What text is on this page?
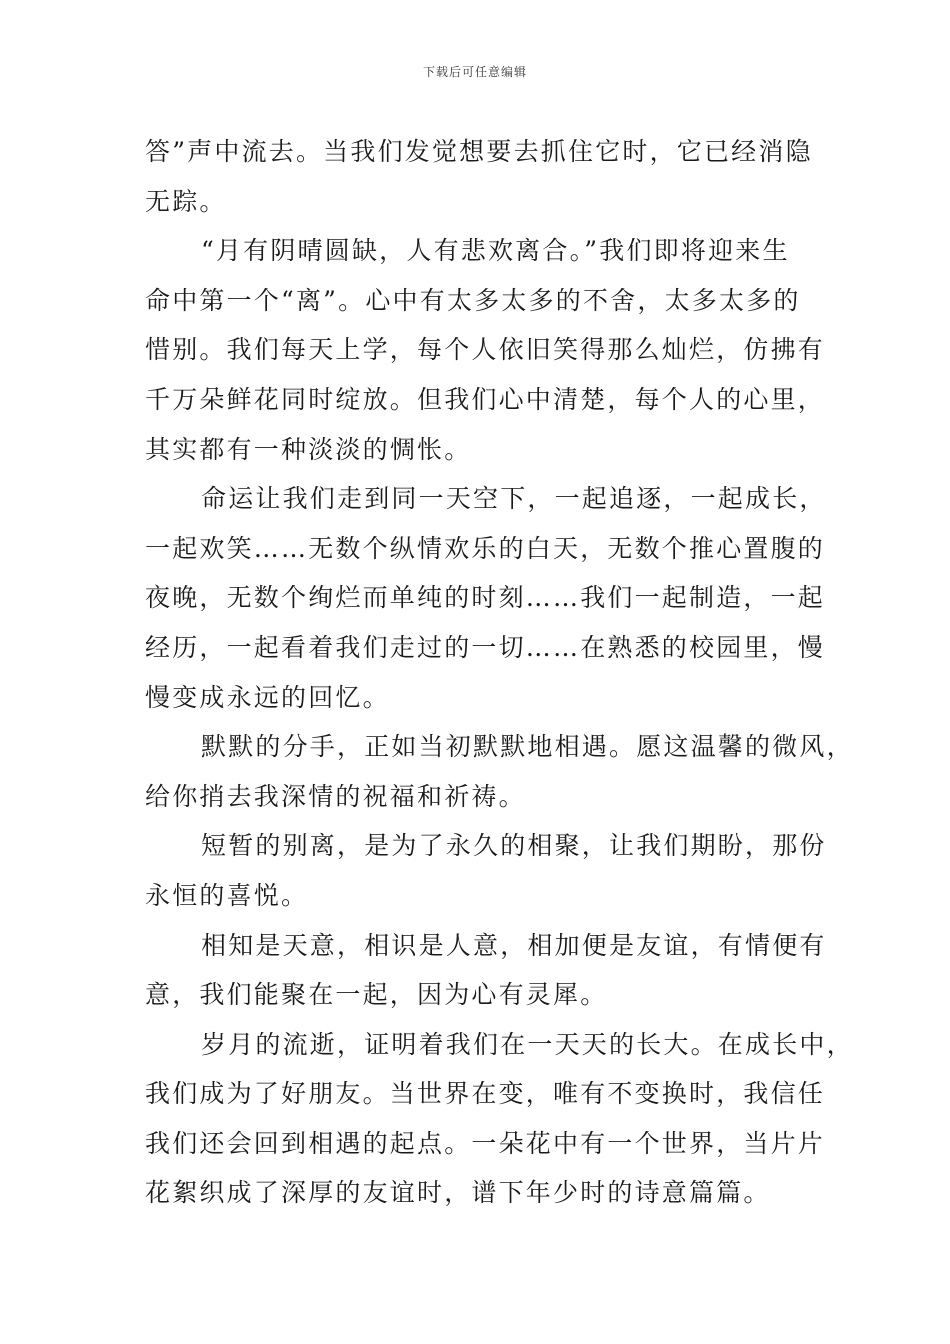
下载后可任意编辑

答”声中流去。当我们发觉想要去抓住它时，它已经消隐
无踪。

“月有阴晴圆缺，人有悲欢离合。”我们即将迎来生
命中第一个“离”。心中有太多太多的不舍，太多太多的
惜别。我们每天上学，每个人依旧笑得那么灿烂，仿拂有
千万朵鲜花同时绽放。但我们心中清楚，每个人的心里，
其实都有一种淡淡的惆怅。

命运让我们走到同一天空下，一起追逐，一起成长，
一起欢笑……无数个纵情欢乐的白天，无数个推心置腹的
夜晚，无数个绚烂而单纯的时刻……我们一起制造，一起
经历，一起看着我们走过的一切……在熟悉的校园里，慢
慢变成永远的回忆。

默默的分手，正如当初默默地相遇。愿这温馨的微风，
给你捎去我深情的祝福和祈祷。

短暂的别离，是为了永久的相聚，让我们期盼，那份
永恒的喜悦。

相知是天意，相识是人意，相加便是友谊，有情便有
意，我们能聚在一起，因为心有灵犀。

岁月的流逝，证明着我们在一天天的长大。在成长中，
我们成为了好朋友。当世界在变，唯有不变换时，我信任
我们还会回到相遇的起点。一朵花中有一个世界，当片片
花絮织成了深厚的友谊时，谱下年少时的诗意篇篇。
